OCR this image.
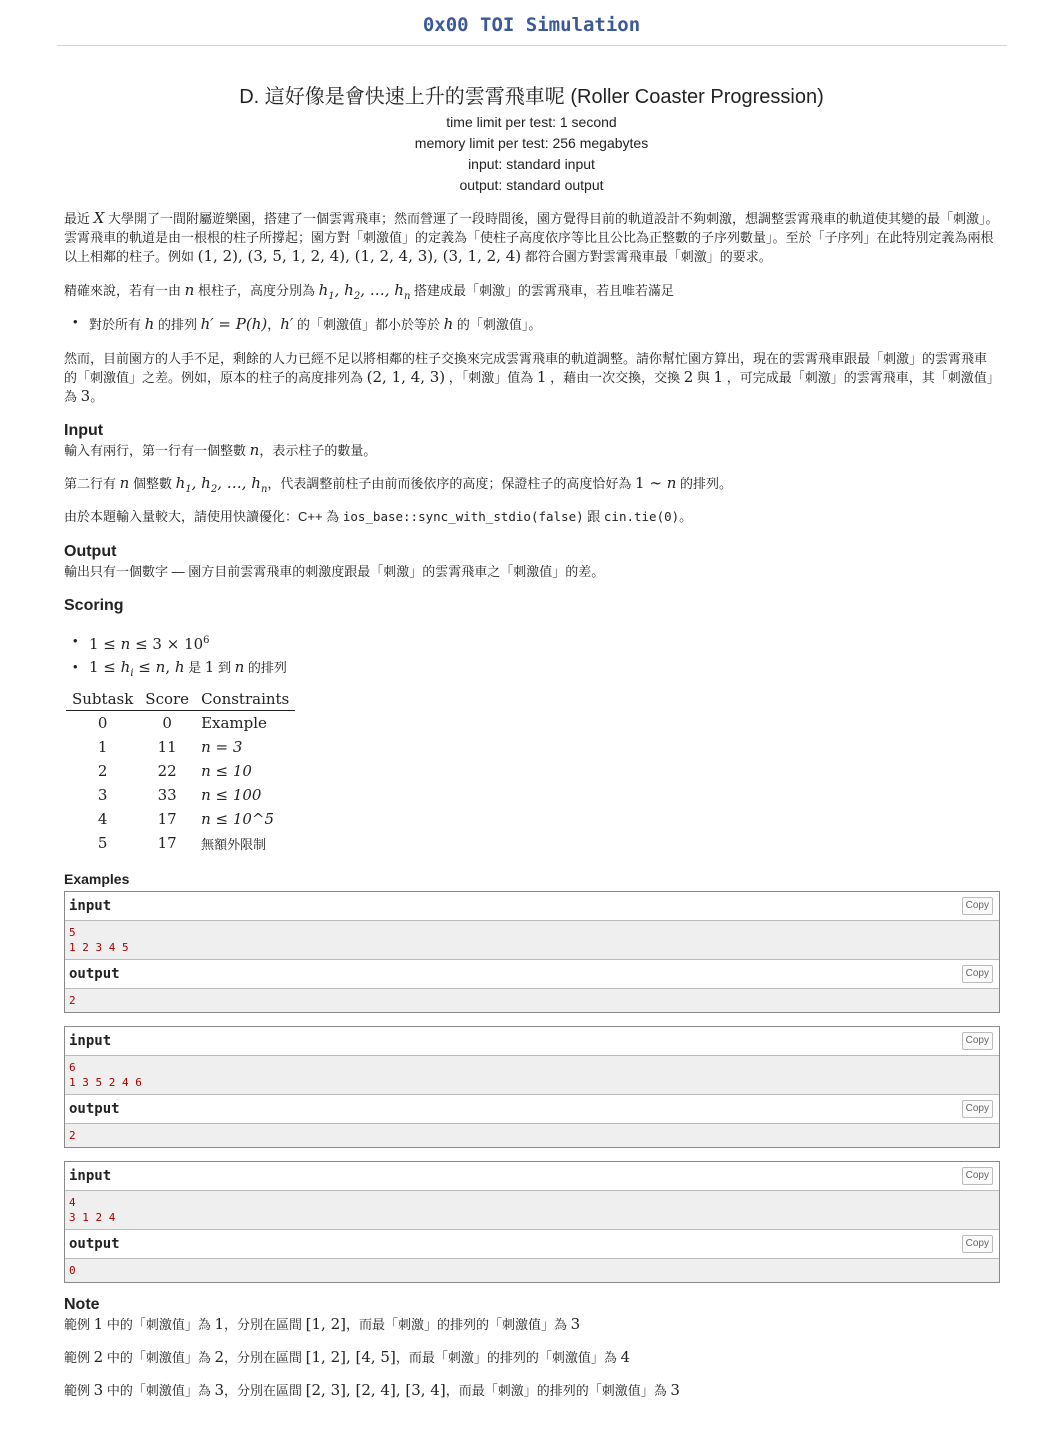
0x00 TOI Simulation
D. 這好像是會快速上升的雲霄飛車呢 (Roller Coaster Progression)
time limit per test: 1 second
memory limit per test: 256 megabytes
input: standard input
output: standard output
最近 X 大學開了一間附屬遊樂園，搭建了一個雲霄飛車；然而營運了一段時間後，園方覺得目前的軌道設計不夠刺激，想調整雲霄飛車的軌道使其變的最「刺激」。雲霄飛車的軌道是由一根根的柱子所撐起；園方對「刺激值」的定義為「使柱子高度依序等比且公比為正整數的子序列數量」。至於「子序列」在此特別定義為兩根以上相鄰的柱子。例如 (1, 2), (3, 5, 1, 2, 4), (1, 2, 4, 3), (3, 1, 2, 4) 都符合園方對雲霄飛車最「刺激」的要求。
精確來說，若有一由 n 根柱子，高度分別為 $h_1$, $h_2$, …, $h_n$ 搭建成最「刺激」的雲霄飛車，若且唯若滿足
• 對於所有 h 的排列 h′ = P(h)，h′ 的「刺激值」都小於等於 h 的「刺激值」。
然而，目前園方的人手不足，剩餘的人力已經不足以將相鄰的柱子交換來完成雲霄飛車的軌道調整。請你幫忙園方算出，現在的雲霄飛車跟最「刺激」的雲霄飛車的「刺激值」之差。例如，原本的柱子的高度排列為 (2, 1, 4, 3) ，「刺激」值為 1 ，藉由一次交換，交換 2 與 1 ，可完成最「刺激」的雲霄飛車，其「刺激值」為 3。
Input
輸入有兩行，第一行有一個整數 n，表示柱子的數量。
第二行有 n 個整數 $h_1$, $h_2$, …, $h_n$，代表調整前柱子由前而後依序的高度；保證柱子的高度恰好為 1 ∼ n 的排列。
由於本題輸入量較大，請使用快讀優化：C++ 為 ios_base::sync_with_stdio(false) 跟 cin.tie(0)。
Output
輸出只有一個數字 — 園方目前雲霄飛車的刺激度跟最「刺激」的雲霄飛車之「刺激值」的差。
Scoring
• $1 \le n \le 3 \times 10^6$
• $1 \le h_i \le n$, h 是 1 到 n 的排列
Subtask	Score	Constraints
0	0	Example
1	11	n = 3
2	22	n ≤ 10
3	33	n ≤ 100
4	17	n ≤ 10^5
5	17	無額外限制
Examples
input	Copy
5
1 2 3 4 5
output	Copy
2
input	Copy
6
1 3 5 2 4 6
output	Copy
2
input	Copy
4
3 1 2 4
output	Copy
0
Note
範例 1 中的「刺激值」為 1，分別在區間 [1, 2]，而最「刺激」的排列的「刺激值」為 3
範例 2 中的「刺激值」為 2，分別在區間 [1, 2], [4, 5]，而最「刺激」的排列的「刺激值」為 4
範例 3 中的「刺激值」為 3，分別在區間 [2, 3], [2, 4], [3, 4]，而最「刺激」的排列的「刺激值」為 3
